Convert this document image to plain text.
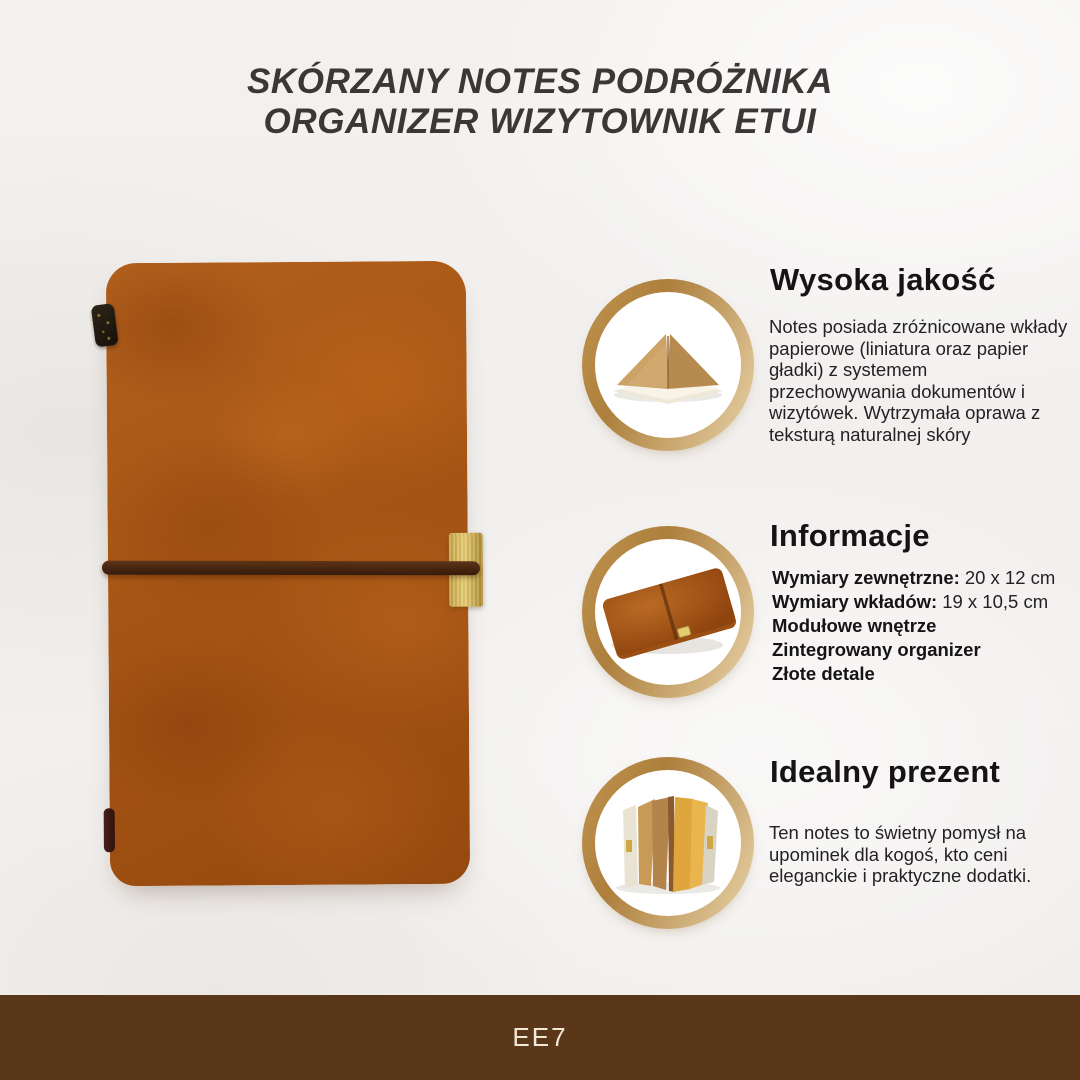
SKÓRZANY NOTES PODRÓŻNIKA
ORGANIZER WIZYTOWNIK ETUI
Wysoka jakość

Notes posiada zróżnicowane wkłady papierowe (liniatura oraz papier gładki) z systemem przechowywania dokumentów i wizytówek. Wytrzymała oprawa z teksturą naturalnej skóry

Informacje
Wymiary zewnętrzne: 20 x 12 cm
Wymiary wkładów: 19 x 10,5 cm
Modułowe wnętrze
Zintegrowany organizer
Złote detale
Idealny prezent

Ten notes to świetny pomysł na upominek dla kogoś, kto ceni eleganckie i praktyczne dodatki.

EE7
